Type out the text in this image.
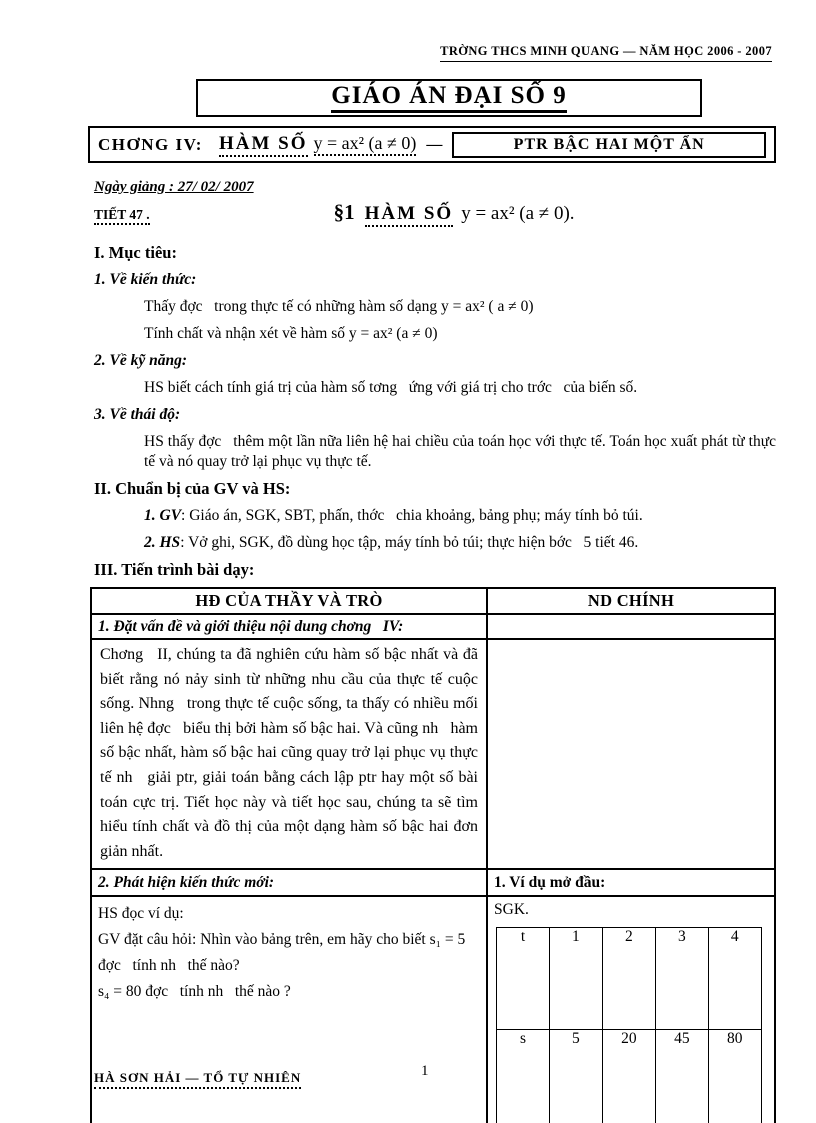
TRỜNG THCS MINH QUANG — NĂM HỌC 2006 - 2007
GIÁO ÁN ĐẠI SỐ 9
CHƠNG IV: HÀM SỐ y = ax² (a ≠ 0) —	PTR BẬC HAI MỘT ẨN
Ngày giảng : 27/ 02/ 2007
TIẾT 47 .	§1 HÀM SỐ y = ax² (a ≠ 0).

I. Mục tiêu:

1. Về kiến thức:

Thấy đợc   trong thực tế có những hàm số dạng y = ax² ( a ≠ 0)

Tính chất và nhận xét về hàm số y = ax² (a ≠ 0)

2. Về kỹ năng:

HS biết cách tính giá trị của hàm số tơng   ứng với giá trị cho trớc   của biến số.

3. Về thái độ:

HS thấy đợc   thêm một lần nữa liên hệ hai chiều của toán học với thực tế. Toán học xuất phát từ thực tế và nó quay trở lại phục vụ thực tế.

II. Chuẩn bị của GV và HS:

1. GV: Giáo án, SGK, SBT, phấn, thớc   chia khoảng, bảng phụ; máy tính bỏ túi.

2. HS: Vở ghi, SGK, đồ dùng học tập, máy tính bỏ túi; thực hiện bớc   5 tiết 46.

III. Tiến trình bài dạy:

HĐ CỦA THẦY VÀ TRÒ	ND CHÍNH
1. Đặt vấn đề và giới thiệu nội dung chơng   IV:	
Chơng   II, chúng ta đã nghiên cứu hàm số bậc nhất và đã biết rằng nó nảy sinh từ những nhu cầu của thực tế cuộc sống. Nhng   trong thực tế cuộc sống, ta thấy có nhiều mối liên hệ đợc   biểu thị bởi hàm số bậc hai. Và cũng nh   hàm số bậc nhất, hàm số bậc hai cũng quay trở lại phục vụ thực tế nh   giải ptr, giải toán bằng cách lập ptr hay một số bài toán cực trị. Tiết học này và tiết học sau, chúng ta sẽ tìm hiểu tính chất và đồ thị của một dạng hàm số bậc hai đơn giản nhất.	
2. Phát hiện kiến thức mới:	1. Ví dụ mở đầu:

HS đọc ví dụ:

GV đặt câu hỏi: Nhìn vào bảng trên, em hãy cho biết s₁ = 5 đợc   tính nh   thế nào?

s₄ = 80 đợc   tính nh   thế nào ?

SGK.

t	1	2	3	4
s	5	20	45	80
HÀ SƠN HẢI — TỔ TỰ NHIÊN	1
